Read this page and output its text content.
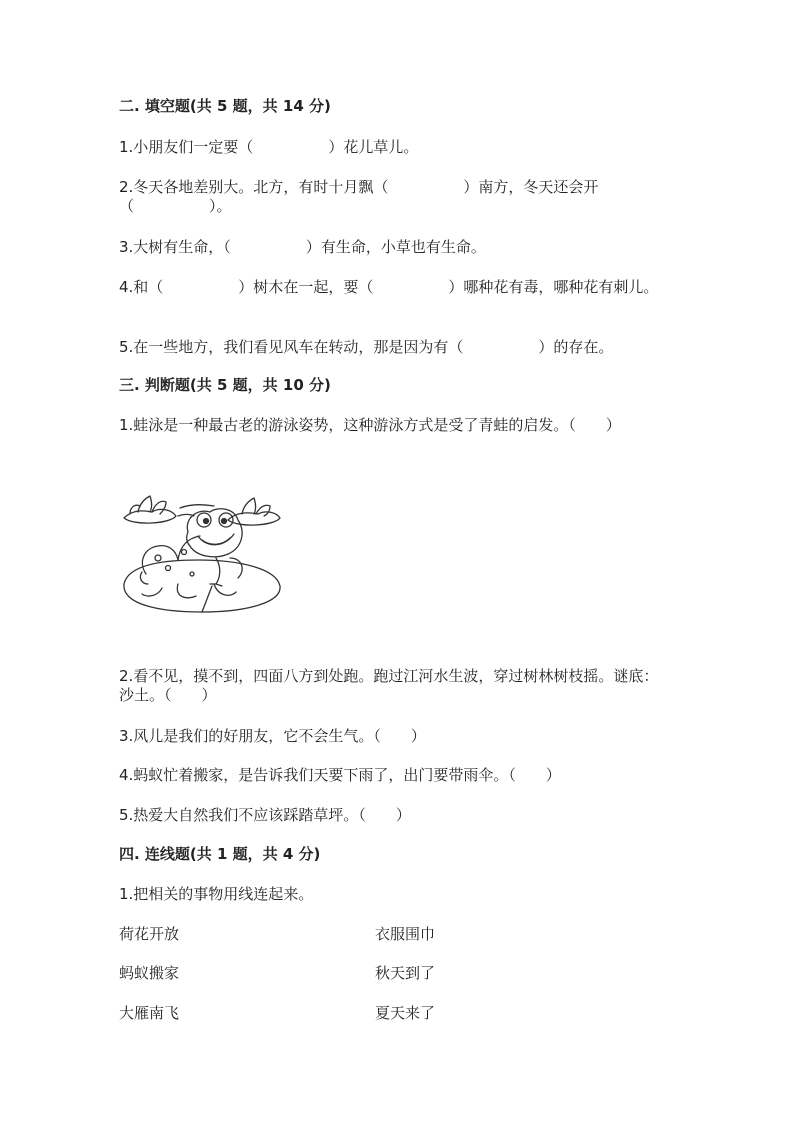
二. 填空题(共 5 题，共 14 分)
1.小朋友们一定要（　　　　　）花儿草儿。
2.冬天各地差别大。北方，有时十月飘（　　　　　）南方，冬天还会开（　　　　　）。
3.大树有生命，（　　　　　）有生命，小草也有生命。
4.和（　　　　　）树木在一起，要（　　　　　）哪种花有毒，哪种花有刺儿。
5.在一些地方，我们看见风车在转动，那是因为有（　　　　　）的存在。
三. 判断题(共 5 题，共 10 分)
1.蛙泳是一种最古老的游泳姿势，这种游泳方式是受了青蛙的启发。（　　）
2.看不见，摸不到，四面八方到处跑。跑过江河水生波，穿过树林树枝摇。谜底：沙土。（　　）
3.风儿是我们的好朋友，它不会生气。（　　）
4.蚂蚁忙着搬家，是告诉我们天要下雨了，出门要带雨伞。（　　）
5.热爱大自然我们不应该踩踏草坪。（　　）
四. 连线题(共 1 题，共 4 分)
1.把相关的事物用线连起来。
荷花开放	衣服围巾
蚂蚁搬家	秋天到了
大雁南飞	夏天来了
